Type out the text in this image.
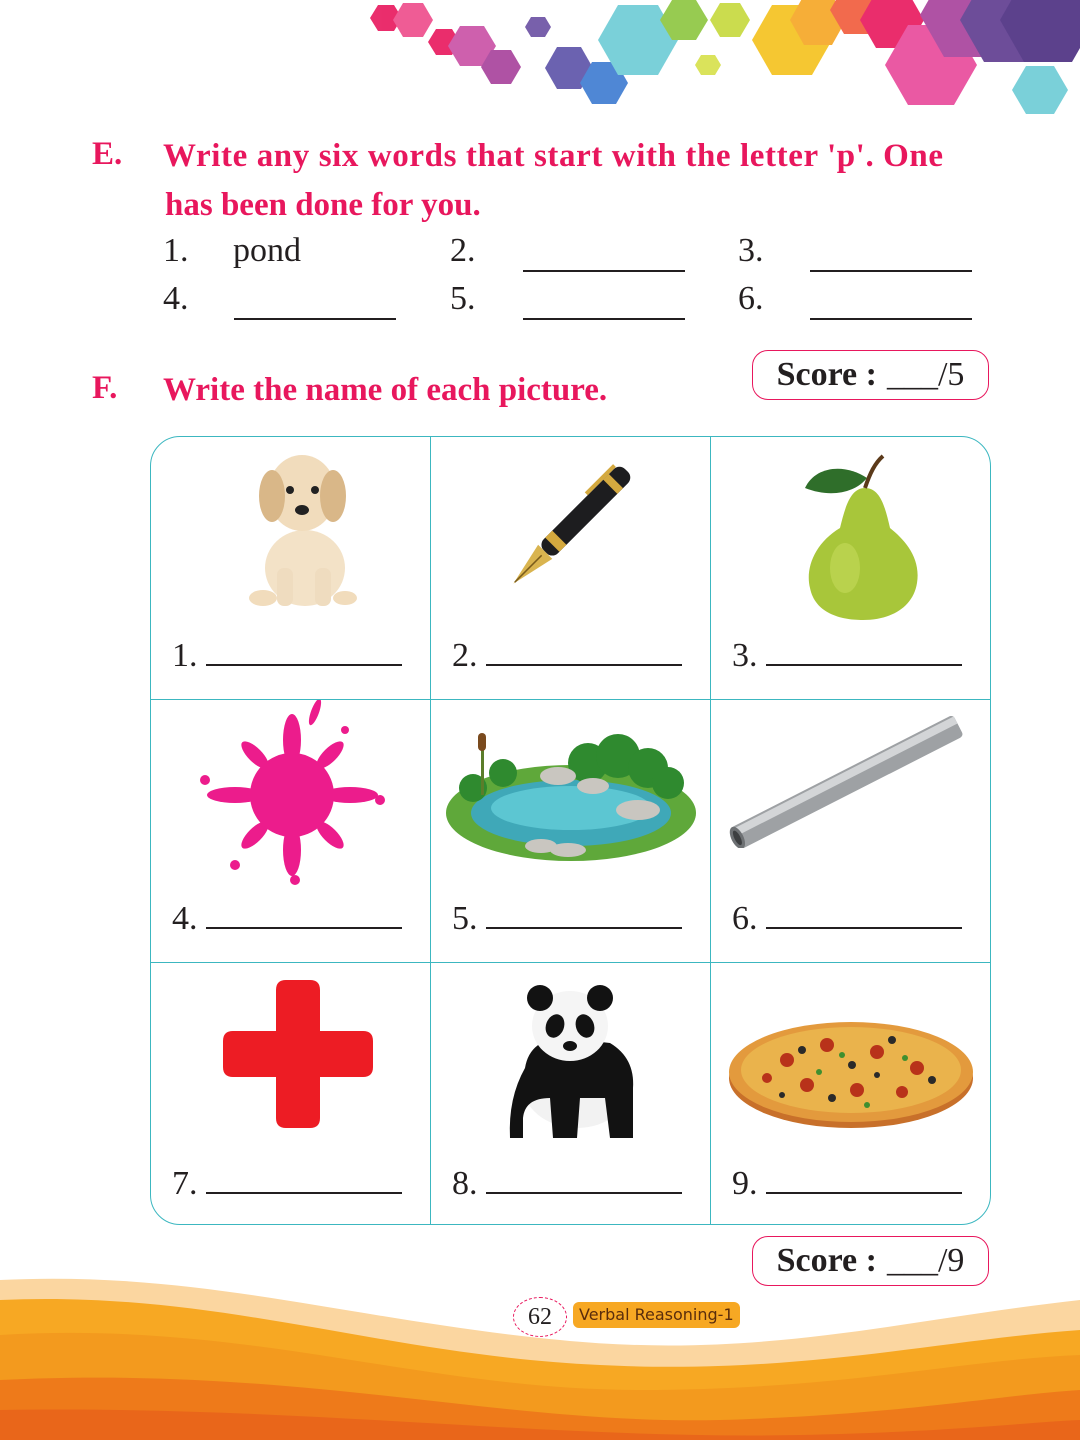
E. Write any six words that start with the letter 'p'. One
has been done for you.
1. pond	2.	3.
4.	5.	6.
Score : ___/5
F. Write the name of each picture.
1.	2.	3.
4.	5.	6.
7.	8.	9.
Score : ___/9
62	Verbal Reasoning-1
